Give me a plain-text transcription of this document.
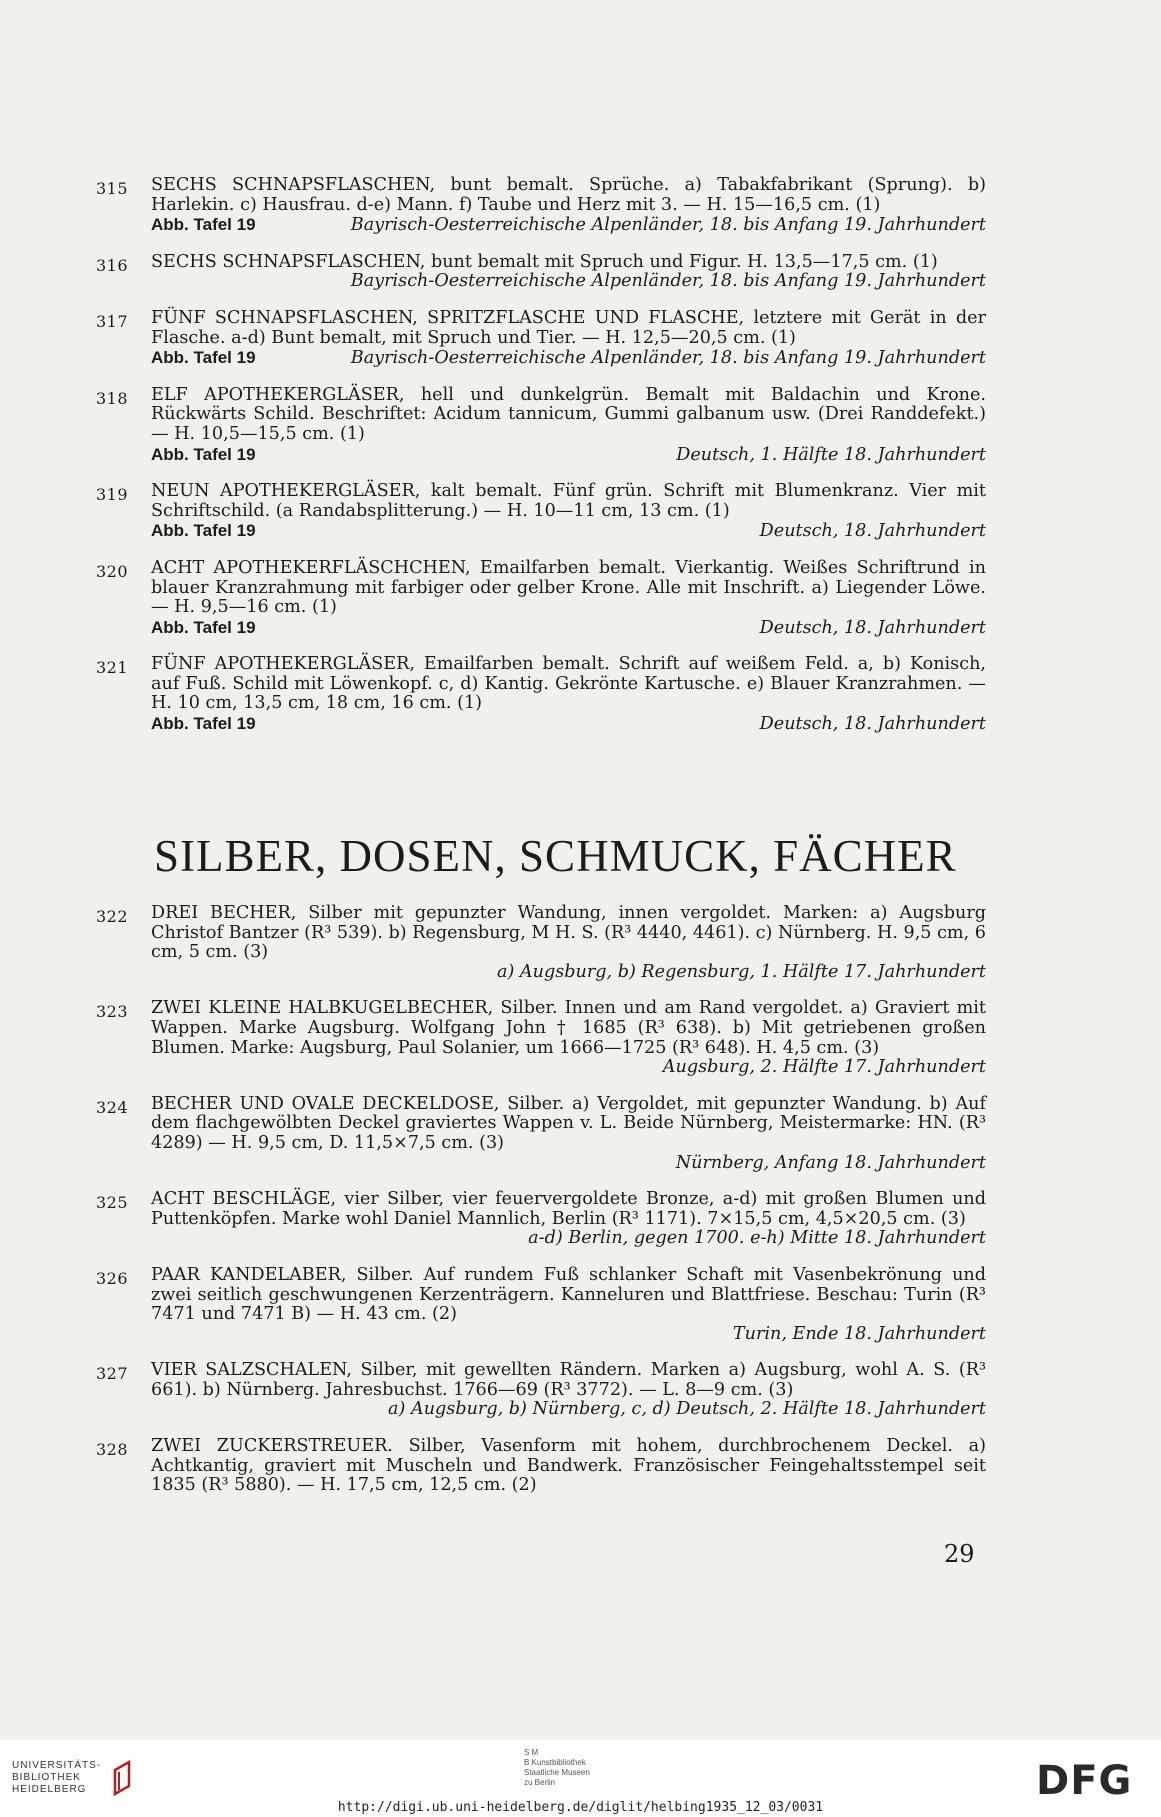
315 SECHS SCHNAPSFLASCHEN, bunt bemalt. Sprüche. a) Tabakfabrikant (Sprung). b) Harlekin. c) Hausfrau. d-e) Mann. f) Taube und Herz mit 3. — H. 15—16,5 cm. (1)
Abb. Tafel 19	Bayrisch-Oesterreichische Alpenländer, 18. bis Anfang 19. Jahrhundert
316 SECHS SCHNAPSFLASCHEN, bunt bemalt mit Spruch und Figur. H. 13,5—17,5 cm. (1)
Bayrisch-Oesterreichische Alpenländer, 18. bis Anfang 19. Jahrhundert
317 FÜNF SCHNAPSFLASCHEN, SPRITZFLASCHE UND FLASCHE, letztere mit Gerät in der Flasche. a-d) Bunt bemalt, mit Spruch und Tier. — H. 12,5—20,5 cm. (1)
Abb. Tafel 19	Bayrisch-Oesterreichische Alpenländer, 18. bis Anfang 19. Jahrhundert
318 ELF APOTHEKERGLÄSER, hell und dunkelgrün. Bemalt mit Baldachin und Krone. Rückwärts Schild. Beschriftet: Acidum tannicum, Gummi galbanum usw. (Drei Randdefekt.) — H. 10,5—15,5 cm. (1)
Abb. Tafel 19	Deutsch, 1. Hälfte 18. Jahrhundert
319 NEUN APOTHEKERGLÄSER, kalt bemalt. Fünf grün. Schrift mit Blumenkranz. Vier mit Schriftschild. (a Randabsplitterung.) — H. 10—11 cm, 13 cm. (1)
Abb. Tafel 19	Deutsch, 18. Jahrhundert
320 ACHT APOTHEKERFLÄSCHCHEN, Emailfarben bemalt. Vierkantig. Weißes Schriftrund in blauer Kranzrahmung mit farbiger oder gelber Krone. Alle mit Inschrift. a) Liegender Löwe. — H. 9,5—16 cm. (1)
Abb. Tafel 19	Deutsch, 18. Jahrhundert
321 FÜNF APOTHEKERGLÄSER, Emailfarben bemalt. Schrift auf weißem Feld. a, b) Konisch, auf Fuß. Schild mit Löwenkopf. c, d) Kantig. Gekrönte Kartusche. e) Blauer Kranzrahmen. — H. 10 cm, 13,5 cm, 18 cm, 16 cm. (1)
Abb. Tafel 19	Deutsch, 18. Jahrhundert
SILBER, DOSEN, SCHMUCK, FÄCHER
322 DREI BECHER, Silber mit gepunzter Wandung, innen vergoldet. Marken: a) Augsburg Christof Bantzer (R³ 539). b) Regensburg, M H. S. (R³ 4440, 4461). c) Nürnberg. H. 9,5 cm, 6 cm, 5 cm. (3)
a) Augsburg, b) Regensburg, 1. Hälfte 17. Jahrhundert
323 ZWEI KLEINE HALBKUGELBECHER, Silber. Innen und am Rand vergoldet. a) Graviert mit Wappen. Marke Augsburg. Wolfgang John † 1685 (R³ 638). b) Mit getriebenen großen Blumen. Marke: Augsburg, Paul Solanier, um 1666—1725 (R³ 648). H. 4,5 cm. (3)
Augsburg, 2. Hälfte 17. Jahrhundert
324 BECHER UND OVALE DECKELDOSE, Silber. a) Vergoldet, mit gepunzter Wandung. b) Auf dem flachgewölbten Deckel graviertes Wappen v. L. Beide Nürnberg, Meistermarke: HN. (R³ 4289) — H. 9,5 cm, D. 11,5×7,5 cm. (3)
Nürnberg, Anfang 18. Jahrhundert
325 ACHT BESCHLÄGE, vier Silber, vier feuervergoldete Bronze, a-d) mit großen Blumen und Puttenköpfen. Marke wohl Daniel Mannlich, Berlin (R³ 1171). 7×15,5 cm, 4,5×20,5 cm. (3)
a-d) Berlin, gegen 1700. e-h) Mitte 18. Jahrhundert
326 PAAR KANDELABER, Silber. Auf rundem Fuß schlanker Schaft mit Vasenbekrönung und zwei seitlich geschwungenen Kerzenträgern. Kanneluren und Blattfriese. Beschau: Turin (R³ 7471 und 7471 B) — H. 43 cm. (2)
Turin, Ende 18. Jahrhundert
327 VIER SALZSCHALEN, Silber, mit gewellten Rändern. Marken a) Augsburg, wohl A. S. (R³ 661). b) Nürnberg. Jahresbuchst. 1766—69 (R³ 3772). — L. 8—9 cm. (3)
a) Augsburg, b) Nürnberg, c, d) Deutsch, 2. Hälfte 18. Jahrhundert
328 ZWEI ZUCKERSTREUER. Silber, Vasenform mit hohem, durchbrochenem Deckel. a) Achtkantig, graviert mit Muscheln und Bandwerk. Französischer Feingehaltsstempel seit 1835 (R³ 5880). — H. 17,5 cm, 12,5 cm. (2)
29
UNIVERSITÄTS-
BIBLIOTHEK
HEIDELBERG
S M
B Kunstbibliothek
Staatliche Museen
zu Berlin	DFG
http://digi.ub.uni-heidelberg.de/diglit/helbing1935_12_03/0031
